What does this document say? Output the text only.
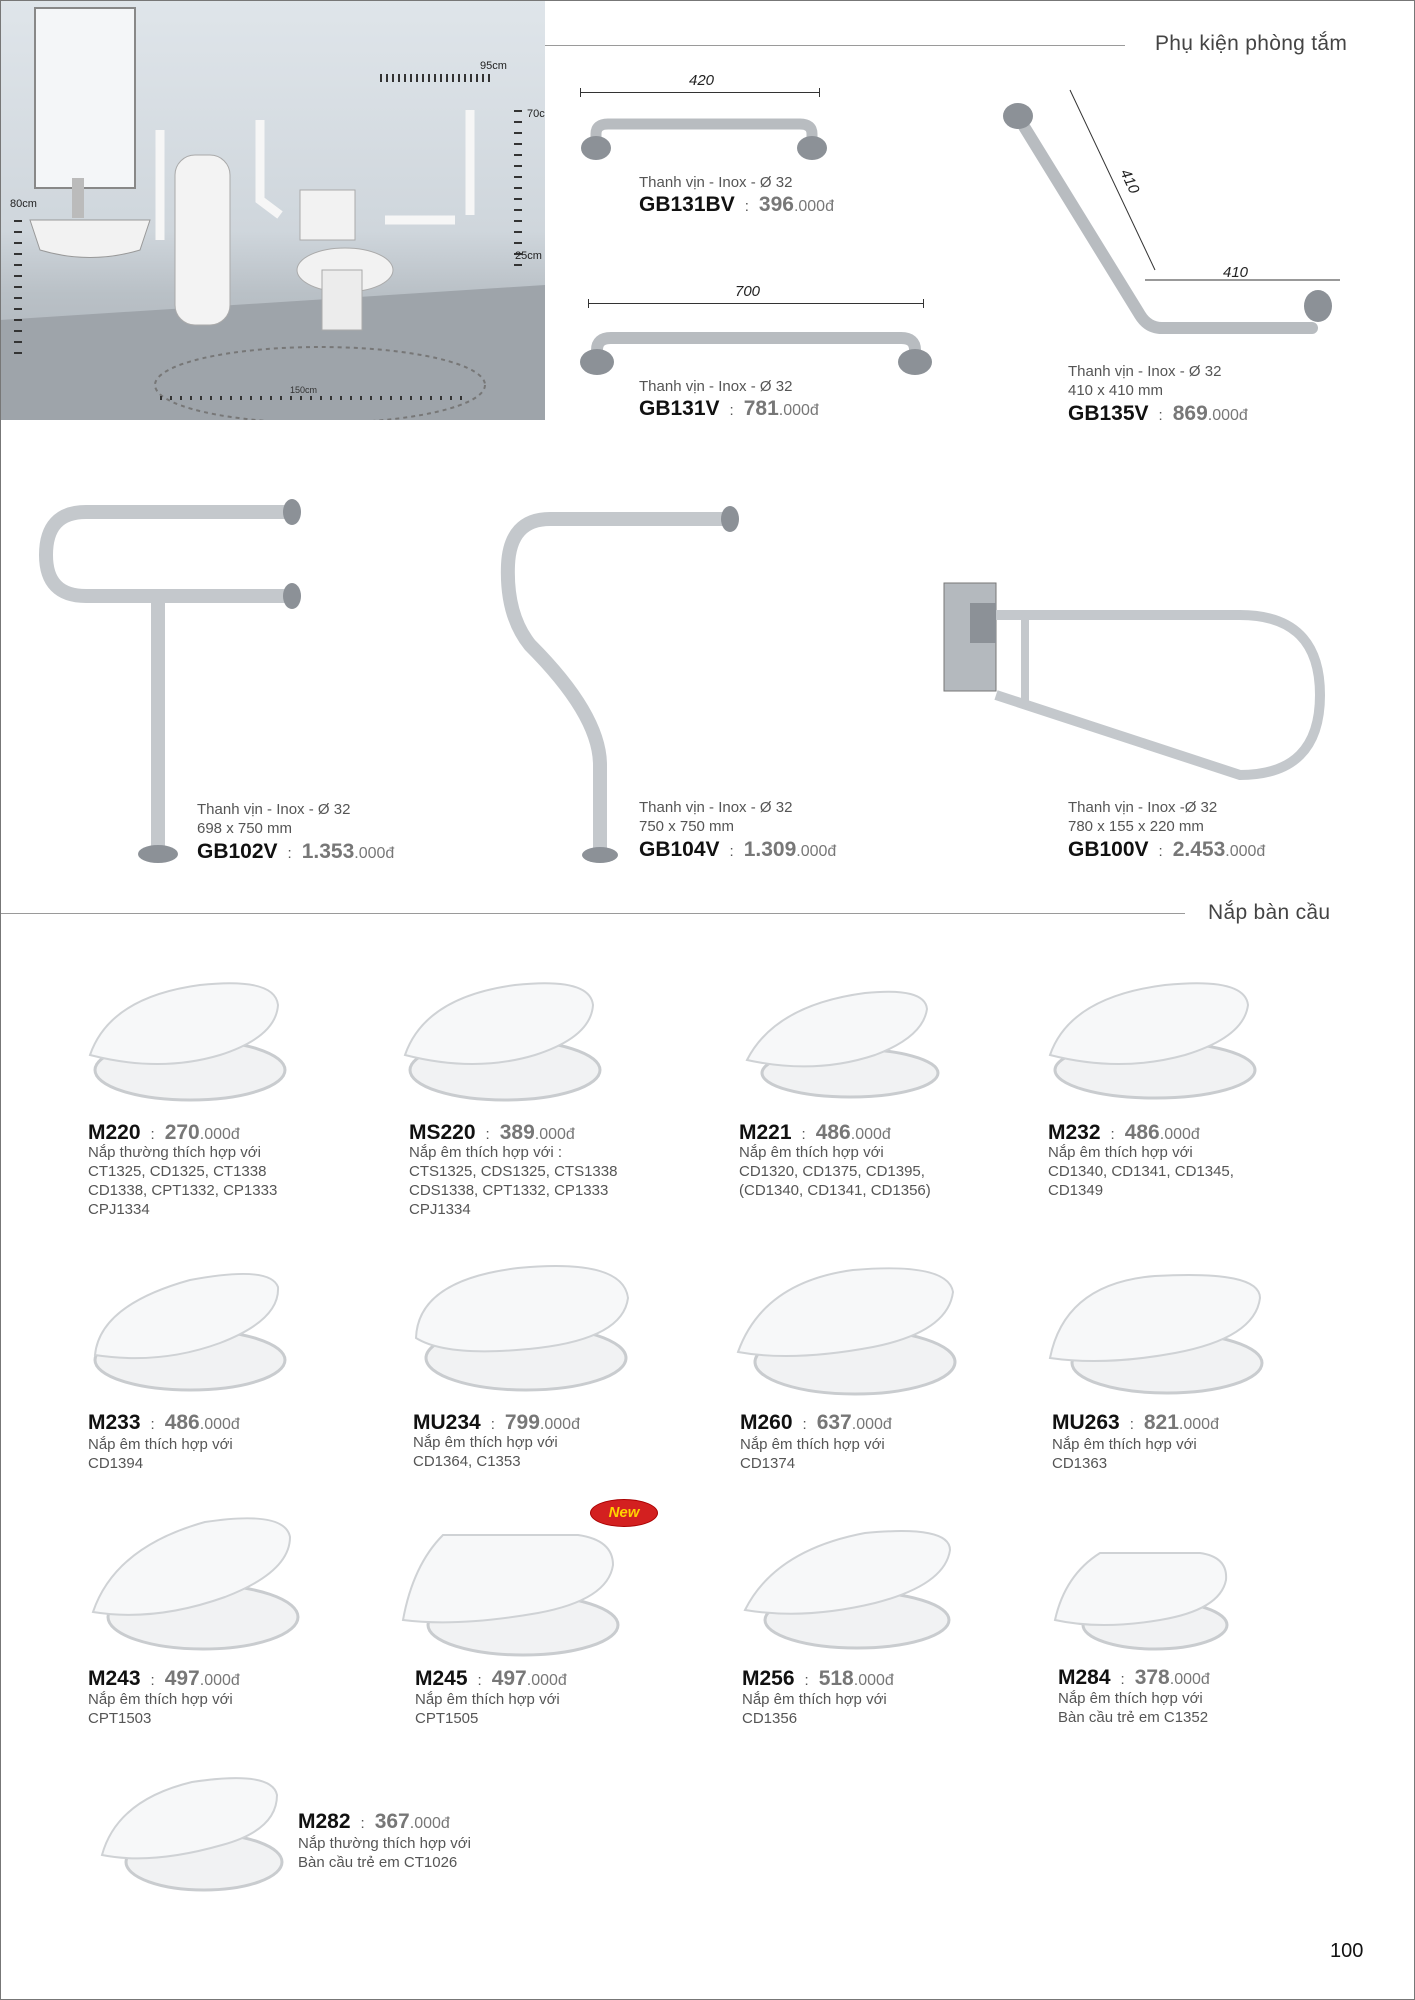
95cm
70c
80cm
25cm
150cm
Phụ kiện phòng tắm
420
Thanh vịn - Inox - Ø 32
GB131BV : 396 .000đ
700
Thanh vịn - Inox - Ø 32
GB131V : 781 .000đ
410
410
Thanh vịn - Inox - Ø 32
410 x 410 mm
GB135V : 869 .000đ
Thanh vịn - Inox - Ø 32
698 x 750 mm
GB102V : 1.353 .000đ
Thanh vịn - Inox - Ø 32
750 x 750 mm
GB104V : 1.309 .000đ
Thanh vịn - Inox -Ø 32
780 x 155 x 220 mm
GB100V : 2.453 .000đ
Nắp bàn cầu
M220 : 270 .000đ
Nắp thường thích hợp với
CT1325, CD1325, CT1338
CD1338, CPT1332, CP1333
CPJ1334
MS220 : 389 .000đ
Nắp êm thích hợp với :
CTS1325, CDS1325, CTS1338
CDS1338, CPT1332, CP1333
CPJ1334
M221 : 486 .000đ
Nắp êm thích hợp với
CD1320, CD1375, CD1395,
(CD1340, CD1341, CD1356)
M232 : 486 .000đ
Nắp êm thích hợp với
CD1340, CD1341, CD1345,
CD1349
M233 : 486 .000đ
Nắp êm thích hợp với
CD1394
MU234 : 799 .000đ
Nắp êm thích hợp với
CD1364, C1353
M260 : 637 .000đ
Nắp êm thích hợp với
CD1374
MU263 : 821 .000đ
Nắp êm thích hợp với
CD1363
M243 : 497 .000đ
Nắp êm thích hợp với
CPT1503
New
M245 : 497 .000đ
Nắp êm thích hợp với
CPT1505
M256 : 518 .000đ
Nắp êm thích hợp với
CD1356
M284 : 378 .000đ
Nắp êm thích hợp với
Bàn cầu trẻ em C1352
M282 : 367 .000đ
Nắp thường thích hợp với
Bàn cầu trẻ em CT1026
100
